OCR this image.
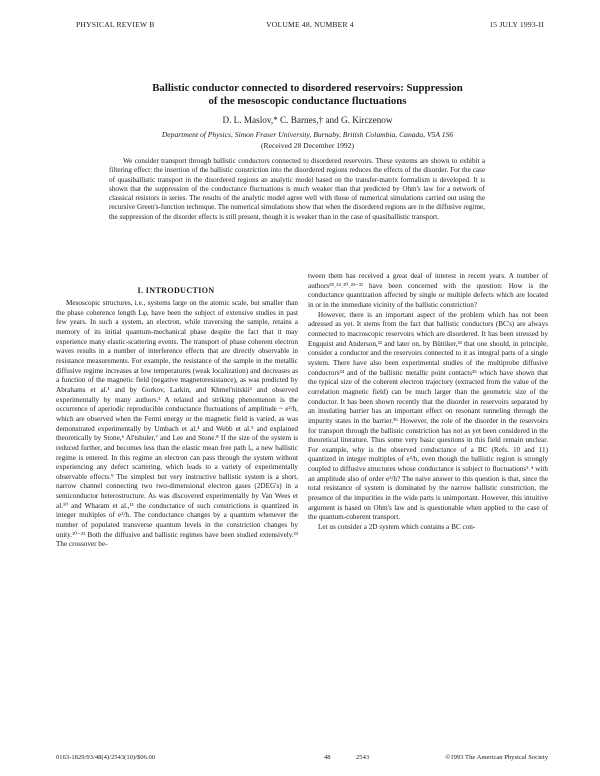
PHYSICAL REVIEW B	VOLUME 48, NUMBER 4	15 JULY 1993-II
Ballistic conductor connected to disordered reservoirs: Suppression
of the mesoscopic conductance fluctuations
D. L. Maslov,* C. Barnes,† and G. Kirczenow
Department of Physics, Simon Fraser University, Burnaby, British Columbia, Canada, V5A 1S6
(Received 28 December 1992)

We consider transport through ballistic conductors connected to disordered reservoirs. These systems are shown to exhibit a filtering effect: the insertion of the ballistic constriction into the disordered regions reduces the effects of the disorder. For the case of quasiballistic transport in the disordered regions an analytic model based on the transfer-matrix formalism is developed. It is shown that the suppression of the conductance fluctuations is much weaker than that predicted by Ohm's law for a network of classical resistors in series. The results of the analytic model agree well with those of numerical simulations carried out using the recursive Green's-function technique. The numerical simulations show that when the disordered regions are in the diffusive regime, the suppression of the disorder effects is still present, though it is weaker than in the case of quasiballistic transport.

I. INTRODUCTION

Mesoscopic structures, i.e., systems large on the atomic scale, but smaller than the phase coherence length Lφ, have been the subject of extensive studies in past few years. In such a system, an electron, while traversing the sample, retains a memory of its initial quantum-mechanical phase despite the fact that it may experience many elastic-scattering events. The transport of phase coherent electron waves results in a number of interference effects that are directly observable in resistance measurements. For example, the resistance of the sample in the metallic diffusive regime increases at low temperatures (weak localization) and decreases as a function of the magnetic field (negative magnetoresistance), as was predicted by Abrahams et al.¹ and by Gorkov, Larkin, and Khmel'nitskii² and observed experimentally by many authors.³ A related and striking phenomenon is the occurrence of aperiodic reproducible conductance fluctuations of amplitude ~ e²/h, which are observed when the Fermi energy or the magnetic field is varied, as was demonstrated experimentally by Umbach et al.⁴ and Webb et al.⁵ and explained theoretically by Stone,⁶ Al'tshuler,⁷ and Lee and Stone.⁸ If the size of the system is reduced further, and becomes less than the elastic mean free path lₑ, a new ballistic regime is entered. In this regime an electron can pass through the system without experiencing any defect scattering, which leads to a variety of experimentally observable effects.⁹ The simplest but very instructive ballistic system is a short, narrow channel connecting two two-dimensional electron gases (2DEG's) in a semiconductor heterostructure. As was discovered experimentally by Van Wees et al.¹⁰ and Wharam et al.,¹¹ the conductance of such constrictions is quantized in integer multiples of e²/h. The conductance changes by a quantum whenever the number of populated transverse quantum levels in the constriction changes by unity.¹⁰⁻²² Both the diffusive and ballistic regimes have been studied extensively.²³ The crossover be-

tween them has received a great deal of interest in recent years. A number of authors²⁸˒²⁴˒³⁰˒²³⁻³¹ have been concerned with the question: How is the conductance quantization affected by single or multiple defects which are located in or in the immediate vicinity of the ballistic constriction?

However, there is an important aspect of the problem which has not been adressed as yet. It stems from the fact that ballistic conductors (BC's) are always connected to macroscopic reservoirs which are disordered. It has been stressed by Engquist and Anderson,³² and later on, by Büttiker,³³ that one should, in principle, consider a conductor and the reservoirs connected to it as integral parts of a single system. There have also been experimental studies of the multiprobe diffusive conductors³⁴ and of the ballistic metallic point contacts³⁵ which have shown that the typical size of the coherent electron trajectory (extracted from the value of the correlation magnetic field) can be much larger than the geometric size of the conductor. It has been shown recently that the disorder in reservoirs separated by an insulating barrier has an important effect on resonant tunneling through the impurity states in the barrier.³⁶ However, the role of the disorder in the reservoirs for transport through the ballistic constriction has not as yet been considered in the theoretical literature. Thus some very basic questions in this field remain unclear. For example, why is the observed conductance of a BC (Refs. 10 and 11) quantized in integer multiples of e²/h, even though the ballistic region is strongly coupled to diffusive structures whose conductance is subject to fluctuations³˒⁴ with an amplitude also of order e²/h? The naive answer to this question is that, since the total resistance of system is dominated by the narrow ballistic constriction, the presence of the impurities in the wide parts is unimportant. However, this intuitive argument is based on Ohm's law and is questionable when applied to the case of the quantum-coherent transport.

Let us consider a 2D system which contains a BC con-

0163-1829/93/48(4)/2543(10)/$06.00	48	2543	©1993 The American Physical Society
